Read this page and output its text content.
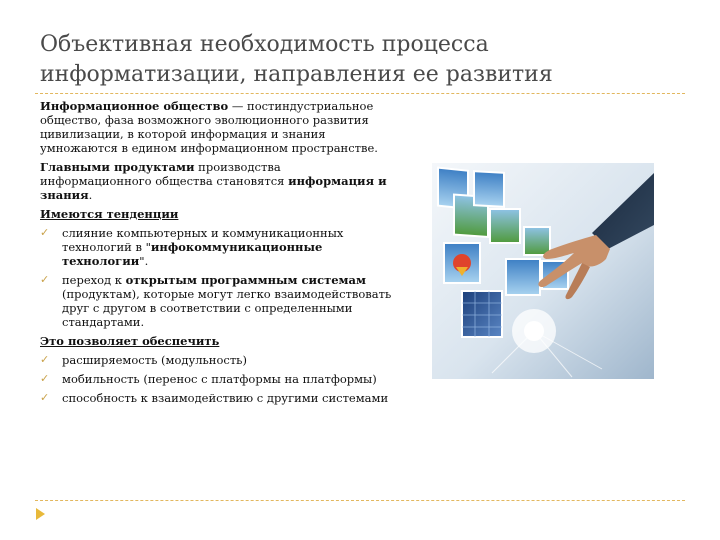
Объективная необходимость процесса
информатизации, направления ее развития

Информационное общество — постиндустриальное общество, фаза возможного эволюционного развития цивилизации, в которой информация и знания умножаются в едином информационном пространстве.

Главными продуктами производства информационного общества становятся информация и знания.

Имеются тенденции

✓ слияние компьютерных и коммуникационных технологий в "инфокоммуникационные технологии".
✓ переход к открытым программным системам (продуктам), которые могут легко взаимодействовать друг с другом в соответствии с определенными стандартами.

Это позволяет обеспечить

✓ расширяемость (модульность)
✓ мобильность (перенос с платформы на платформы)
✓ способность к взаимодействию с другими системами
